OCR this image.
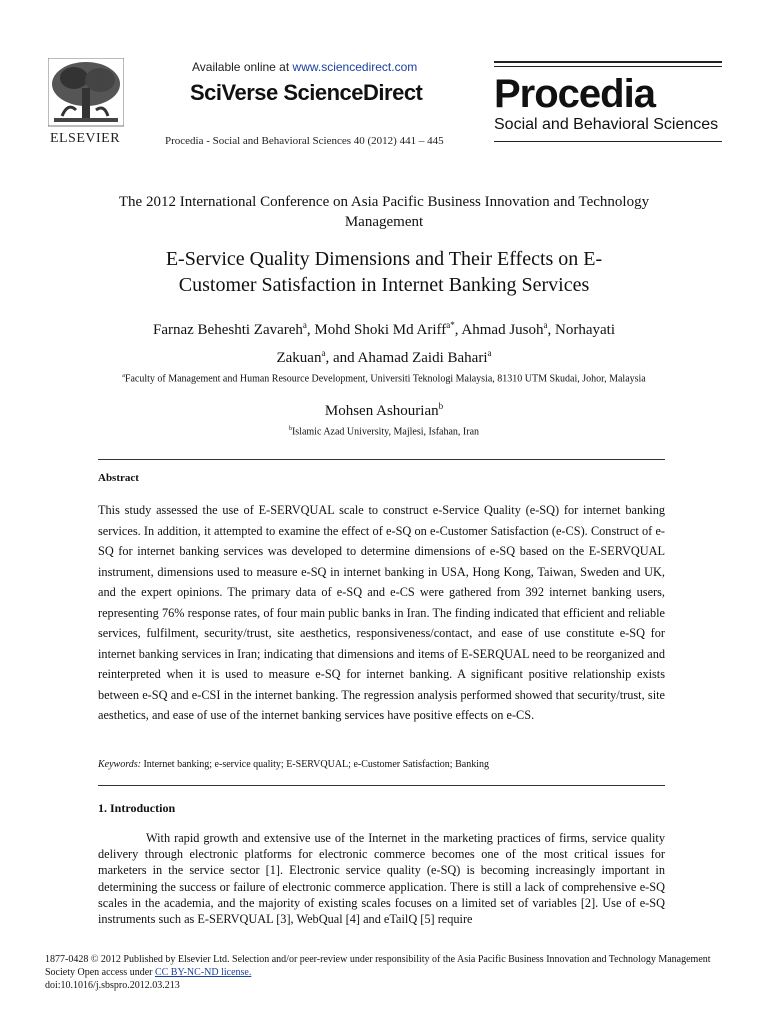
ELSEVIER
Available online at www.sciencedirect.com
SciVerse ScienceDirect
Procedia - Social and Behavioral Sciences 40 (2012) 441 – 445
Procedia
Social and Behavioral Sciences
The 2012 International Conference on Asia Pacific Business Innovation and Technology Management
E-Service Quality Dimensions and Their Effects on E-
Customer Satisfaction in Internet Banking Services
Farnaz Beheshti Zavareh$^a$, Mohd Shoki Md Ariff$^{a*}$, Ahmad Jusoh$^a$, Norhayati
Zakuan$^a$, and Ahamad Zaidi Bahari$^a$
$^a$Faculty of Management and Human Resource Development, Universiti Teknologi Malaysia, 81310 UTM Skudai, Johor, Malaysia
Mohsen Ashourian$^b$
$^b$Islamic Azad University, Majlesi, Isfahan, Iran
Abstract
This study assessed the use of E-SERVQUAL scale to construct e-Service Quality (e-SQ) for internet banking services. In addition, it attempted to examine the effect of e-SQ on e-Customer Satisfaction (e-CS). Construct of e-SQ for internet banking services was developed to determine dimensions of e-SQ based on the E-SERVQUAL instrument, dimensions used to measure e-SQ in internet banking in USA, Hong Kong, Taiwan, Sweden and UK, and the expert opinions. The primary data of e-SQ and e-CS were gathered from 392 internet banking users, representing 76% response rates, of four main public banks in Iran. The finding indicated that efficient and reliable services, fulfilment, security/trust, site aesthetics, responsiveness/contact, and ease of use constitute e-SQ for internet banking services in Iran; indicating that dimensions and items of E-SERQUAL need to be reorganized and reinterpreted when it is used to measure e-SQ for internet banking. A significant positive relationship exists between e-SQ and e-CSI in the internet banking. The regression analysis performed showed that security/trust, site aesthetics, and ease of use of the internet banking services have positive effects on e-CS.
Keywords: Internet banking; e-service quality; E-SERVQUAL; e-Customer Satisfaction; Banking
1. Introduction
With rapid growth and extensive use of the Internet in the marketing practices of firms, service quality delivery through electronic platforms for electronic commerce becomes one of the most critical issues for marketers in the service sector [1]. Electronic service quality (e-SQ) is becoming increasingly important in determining the success or failure of electronic commerce application. There is still a lack of comprehensive e-SQ scales in the academia, and the majority of existing scales focuses on a limited set of variables [2]. Use of e-SQ instruments such as E-SERVQUAL [3], WebQual [4] and eTailQ [5] require
1877-0428 © 2012 Published by Elsevier Ltd. Selection and/or peer-review under responsibility of the Asia Pacific Business Innovation and Technology Management Society Open access under CC BY-NC-ND license.
doi:10.1016/j.sbspro.2012.03.213
